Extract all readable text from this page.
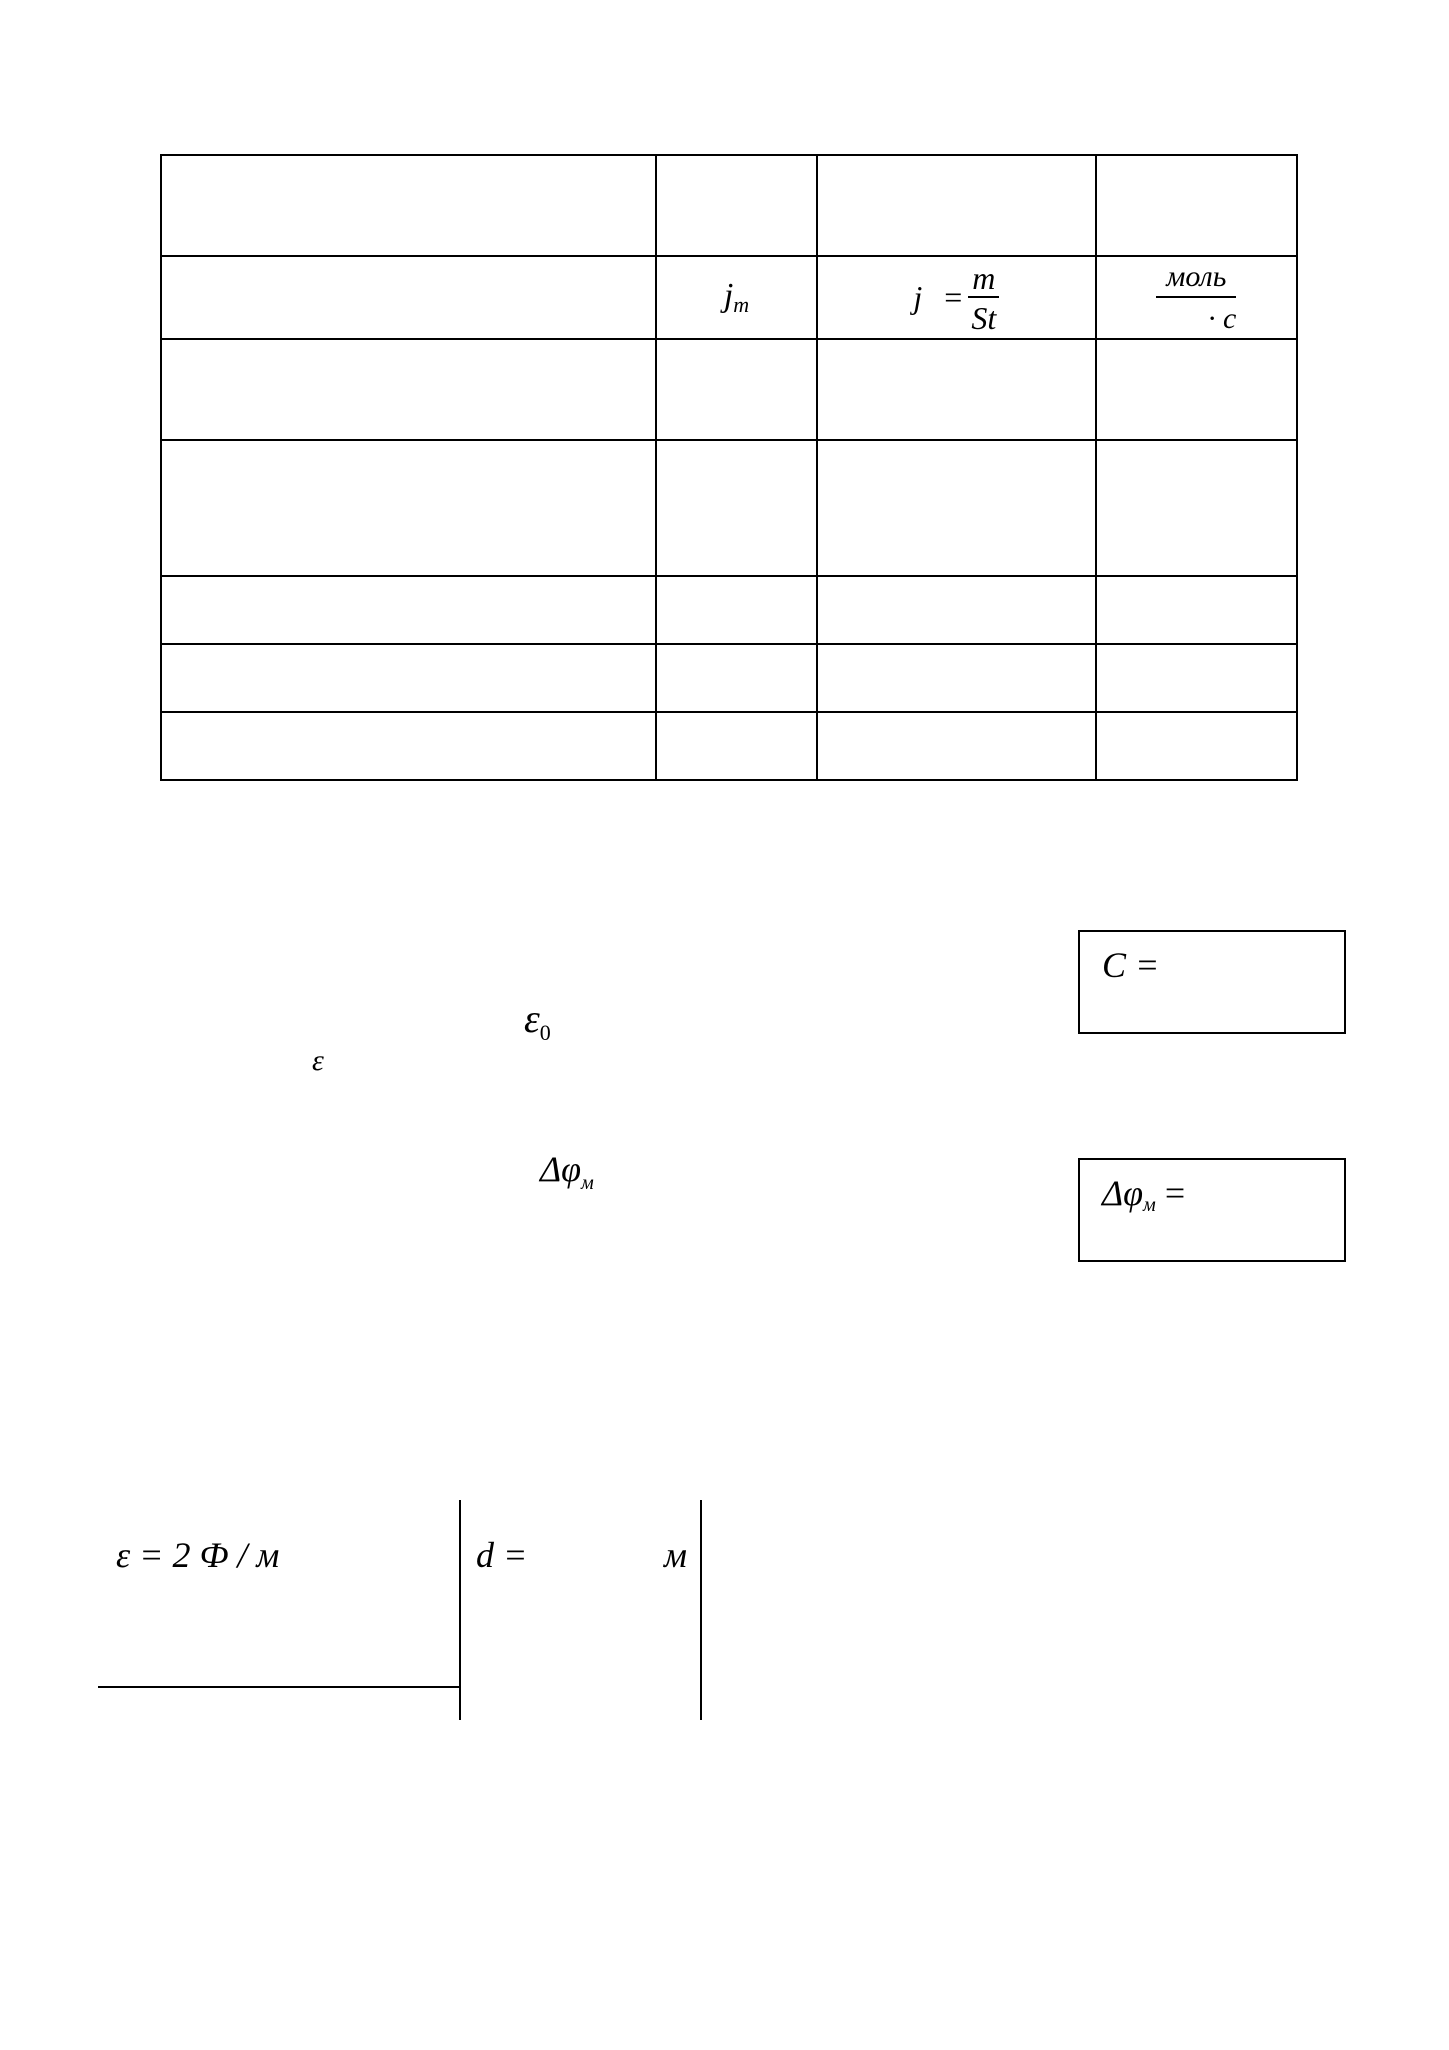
	$j_m$	$j = \frac{m}{St}$	$\frac{\text{моль}}{\cdot c}$

C =
$\varepsilon_0$
ε
$\Delta\varphi_м$	$\Delta\varphi_м$ =
ε = 2 Ф / м	d =	м
